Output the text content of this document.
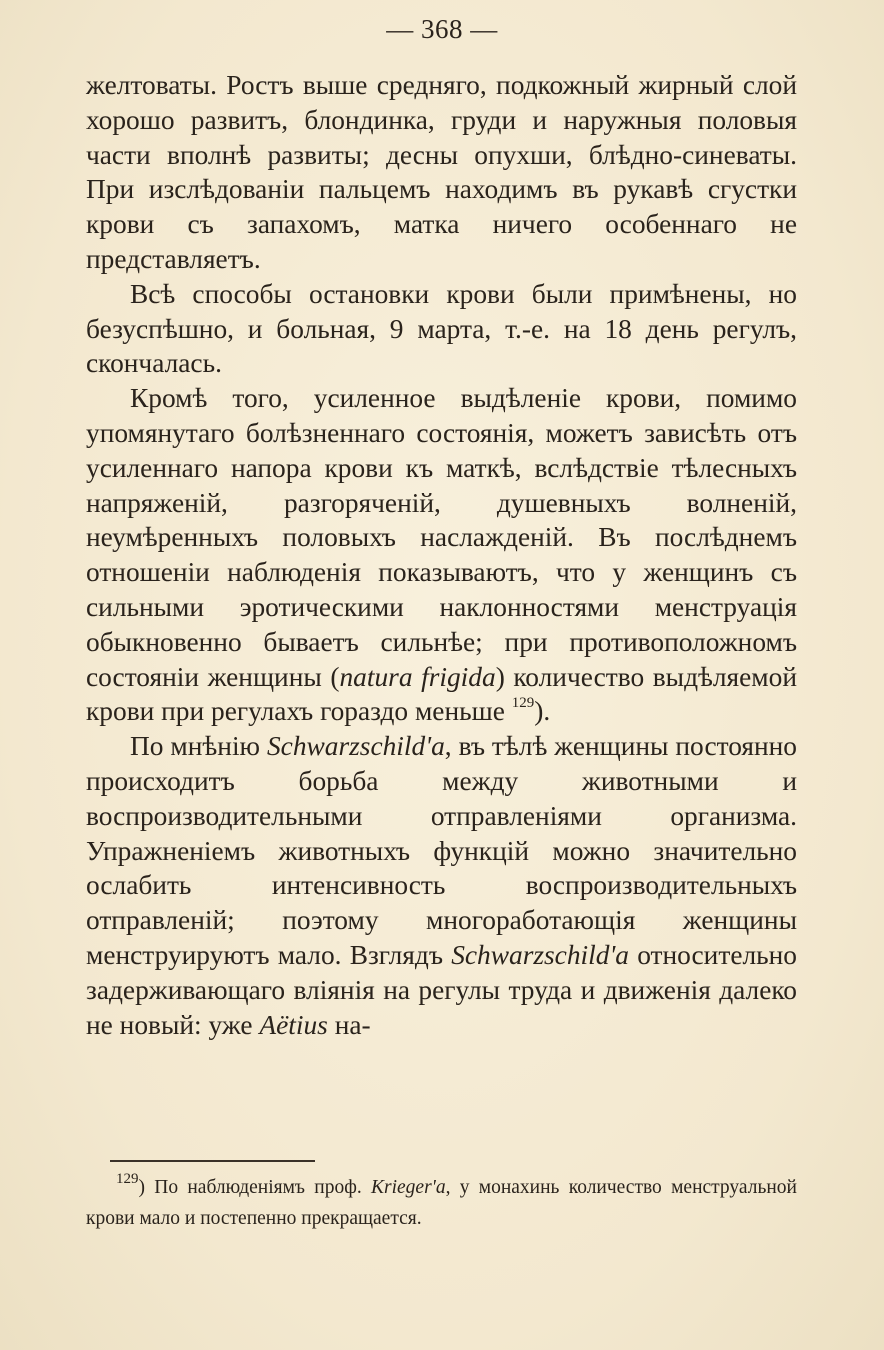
— 368 —

желтоваты. Ростъ выше средняго, подкожный жирный слой хорошо развитъ, блондинка, груди и наружныя половыя части вполнѣ развиты; десны опухши, блѣдно-синеваты. При изслѣдованіи пальцемъ находимъ въ рукавѣ сгустки крови съ запахомъ, матка ничего особеннаго не представляетъ.

Всѣ способы остановки крови были примѣнены, но безуспѣшно, и больная, 9 марта, т.-е. на 18 день регулъ, скончалась.

Кромѣ того, усиленное выдѣленіе крови, помимо упомянутаго болѣзненнаго состоянія, можетъ зависѣть отъ усиленнаго напора крови къ маткѣ, вслѣдствіе тѣлесныхъ напряженій, разгоряченій, душевныхъ волненій, неумѣренныхъ половыхъ наслажденій. Въ послѣднемъ отношеніи наблюденія показываютъ, что у женщинъ съ сильными эротическими наклонностями менструація обыкновенно бываетъ сильнѣе; при противоположномъ состояніи женщины (natura frigida) количество выдѣляемой крови при регулахъ гораздо меньше $^{129}$).

По мнѣнію Schwarzschild'a, въ тѣлѣ женщины постоянно происходитъ борьба между животными и воспроизводительными отправленіями организма. Упражненіемъ животныхъ функцій можно значительно ослабить интенсивность воспроизводительныхъ отправленій; поэтому многоработающія женщины менструируютъ мало. Взглядъ Schwarzschild'a относительно задерживающаго вліянія на регулы труда и движенія далеко не новый: уже Aëtius на-

$^{129}$) По наблюденіямъ проф. Krieger'a, у монахинь количество менструальной крови мало и постепенно прекращается.
